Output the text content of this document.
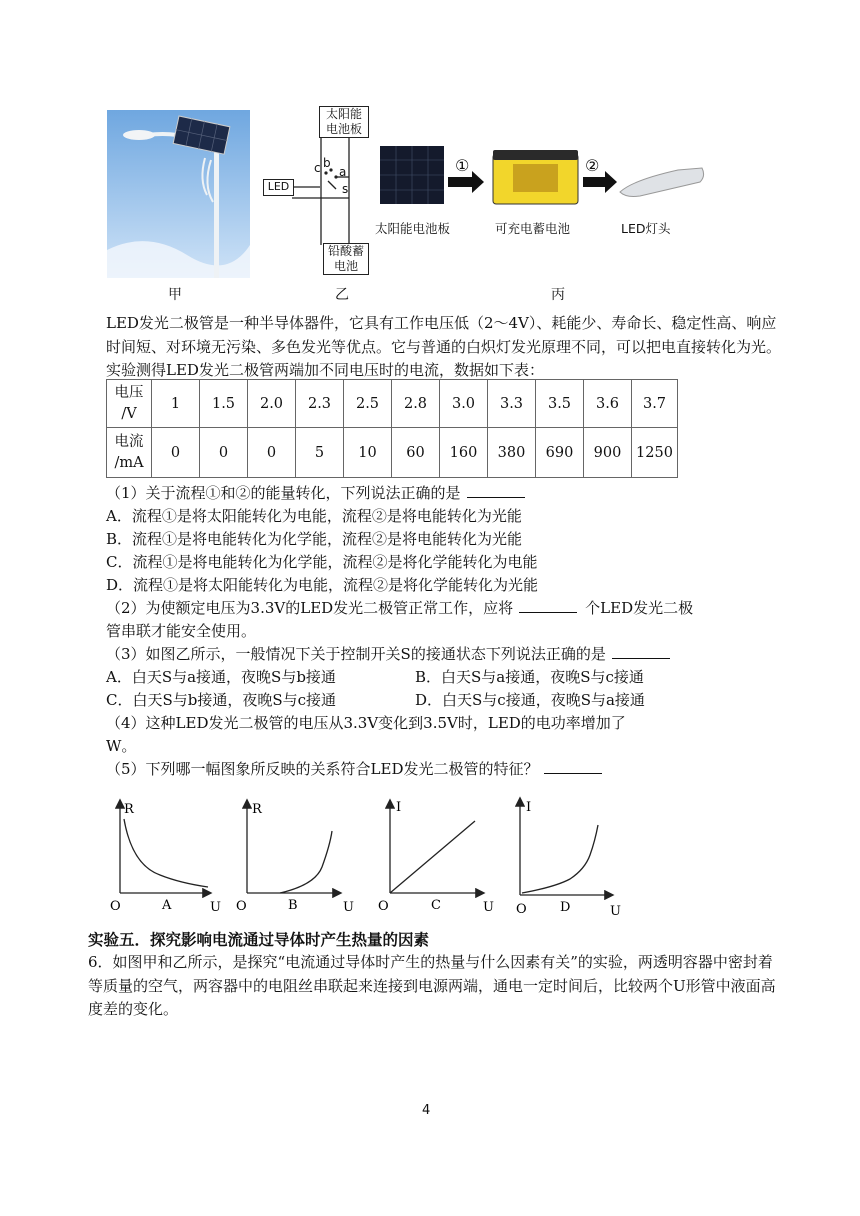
甲
太阳能
电池板
铅酸蓄
电池
LED
c b
a
s
乙
①	②
太阳能电池板	可充电蓄电池	LED灯头
丙
LED发光二极管是一种半导体器件，它具有工作电压低（2～4V）、耗能少、寿命长、稳定性高、响应时间短、对环境无污染、多色发光等优点。它与普通的白炽灯发光原理不同，可以把电直接转化为光。实验测得LED发光二极管两端加不同电压时的电流，数据如下表：
电压
/V	1	1.5	2.0	2.3	2.5	2.8	3.0	3.3	3.5	3.6	3.7
电流
/mA	0	0	0	5	10	60	160	380	690	900	1250
（1）关于流程①和②的能量转化，下列说法正确的是
A．流程①是将太阳能转化为电能，流程②是将电能转化为光能
B．流程①是将电能转化为化学能，流程②是将电能转化为光能
C．流程①是将电能转化为化学能，流程②是将化学能转化为电能
D．流程①是将太阳能转化为电能，流程②是将化学能转化为光能
（2）为使额定电压为3.3V的LED发光二极管正常工作，应将	个LED发光二极
管串联才能安全使用。
（3）如图乙所示，一般情况下关于控制开关S的接通状态下列说法正确的是
A．白天S与a接通，夜晚S与b接通	B．白天S与a接通，夜晚S与c接通
C．白天S与b接通，夜晚S与c接通	D．白天S与c接通，夜晚S与a接通
（4）这种LED发光二极管的电压从3.3V变化到3.5V时，LED的电功率增加了
W。
（5）下列哪一幅图象所反映的关系符合LED发光二极管的特征？
R
O	A	U
R
O	B	U
I
O	C	U
I
O	D	U
实验五．探究影响电流通过导体时产生热量的因素
6．如图甲和乙所示，是探究“电流通过导体时产生的热量与什么因素有关”的实验，两透明容器中密封着等质量的空气，两容器中的电阻丝串联起来连接到电源两端，通电一定时间后，比较两个U形管中液面高度差的变化。
4
